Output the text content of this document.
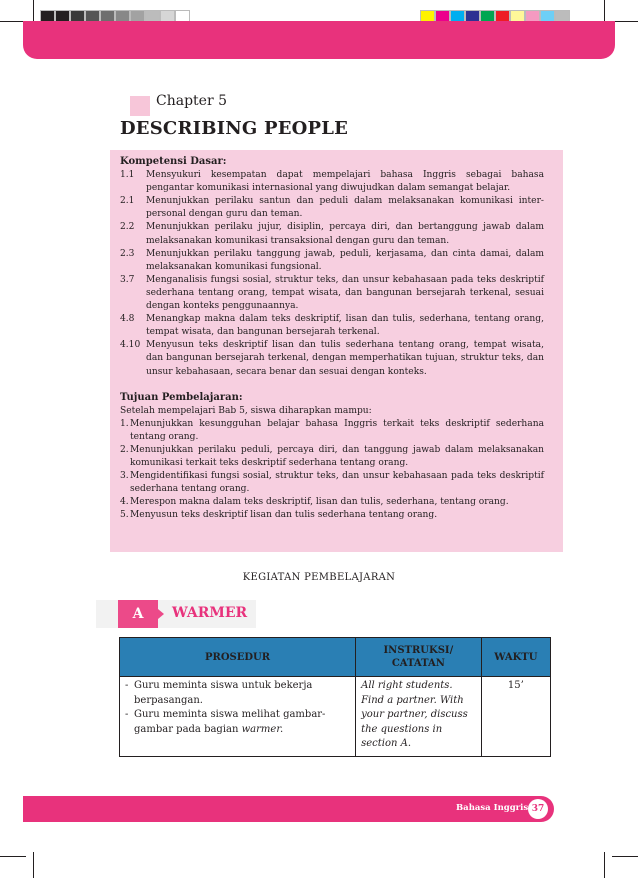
Chapter 5
DESCRIBING PEOPLE
Kompetensi Dasar:
1.1	Mensyukuri kesempatan dapat mempelajari bahasa Inggris sebagai bahasa pengantar komunikasi internasional yang diwujudkan dalam semangat belajar.
2.1	Menunjukkan perilaku santun dan peduli dalam melaksanakan komunikasi inter-personal dengan guru dan teman.
2.2	Menunjukkan perilaku jujur, disiplin, percaya diri, dan bertanggung jawab dalam melaksanakan komunikasi transaksional dengan guru dan teman.
2.3	Menunjukkan perilaku tanggung jawab, peduli, kerjasama, dan cinta damai, dalam melaksanakan komunikasi fungsional.
3.7	Menganalisis fungsi sosial, struktur teks, dan unsur kebahasaan pada teks deskriptif sederhana tentang orang, tempat wisata, dan bangunan bersejarah terkenal, sesuai dengan konteks penggunaannya.
4.8	Menangkap makna dalam teks deskriptif, lisan dan tulis, sederhana, tentang orang, tempat wisata, dan bangunan bersejarah terkenal.
4.10 Menyusun teks deskriptif lisan dan tulis sederhana tentang orang, tempat wisata, dan bangunan bersejarah terkenal, dengan memperhatikan tujuan, struktur teks, dan unsur kebahasaan, secara benar dan sesuai dengan konteks.
Tujuan Pembelajaran:
Setelah mempelajari Bab 5, siswa diharapkan mampu:
1. Menunjukkan kesungguhan belajar bahasa Inggris terkait teks deskriptif sederhana tentang orang.
2. Menunjukkan perilaku peduli, percaya diri, dan tanggung jawab dalam melaksanakan komunikasi terkait teks deskriptif sederhana tentang orang.
3. Mengidentifikasi fungsi sosial, struktur teks, dan unsur kebahasaan pada teks deskriptif sederhana tentang orang.
4. Merespon makna dalam teks deskriptif, lisan dan tulis, sederhana, tentang orang.
5. Menyusun teks deskriptif lisan dan tulis sederhana tentang orang.
KEGIATAN PEMBELAJARAN
A	WARMER
PROSEDUR	INSTRUKSI/ CATATAN	WAKTU

- Guru meminta siswa untuk bekerja berpasangan.
- Guru meminta siswa melihat gambar-gambar pada bagian warmer.	All right students. Find a partner. With your partner, discuss the questions in section A.	15’
Bahasa Inggris 37
